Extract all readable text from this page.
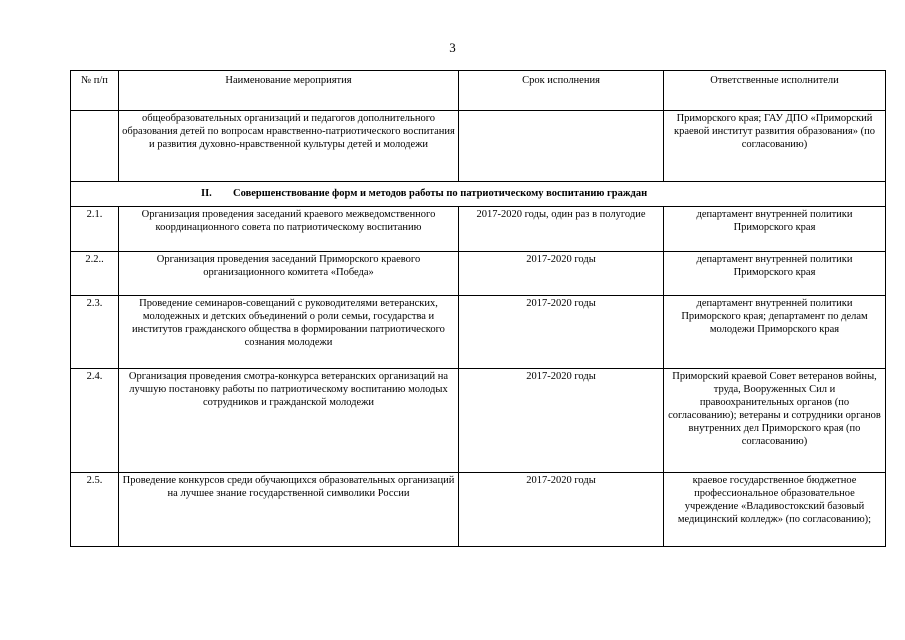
3
№ п/п	Наименование мероприятия	Срок исполнения	Ответственные исполнители
	общеобразовательных организаций и педагогов дополнительного образования детей по вопросам нравственно-патриотического воспитания и развития духовно-нравственной культуры детей и молодежи		Приморского края; ГАУ ДПО «Приморский краевой институт развития образования» (по согласованию)
II. Совершенствование форм и методов работы по патриотическому воспитанию граждан			
2.1.	Организация проведения заседаний краевого межведомственного координационного совета по патриотическому воспитанию	2017-2020 годы, один раз в полугодие	департамент внутренней политики Приморского края
2.2..	Организация проведения заседаний Приморского краевого организационного комитета «Победа»	2017-2020 годы	департамент внутренней политики Приморского края
2.3.	Проведение семинаров-совещаний с руководителями ветеранских, молодежных и детских объединений о роли семьи, государства и институтов гражданского общества в формировании патриотического сознания молодежи	2017-2020 годы	департамент внутренней политики Приморского края; департамент по делам молодежи Приморского края
2.4.	Организация проведения смотра-конкурса ветеранских организаций на лучшую постановку работы по патриотическому воспитанию молодых сотрудников и гражданской молодежи	2017-2020 годы	Приморский краевой Совет ветеранов войны, труда, Вооруженных Сил и правоохранительных органов (по согласованию); ветераны и сотрудники органов внутренних дел Приморского края (по согласованию)
2.5.	Проведение конкурсов среди обучающихся образовательных организаций на лучшее знание государственной символики России	2017-2020 годы	краевое государственное бюджетное профессиональное образовательное учреждение «Владивостокский базовый медицинский колледж» (по согласованию);
